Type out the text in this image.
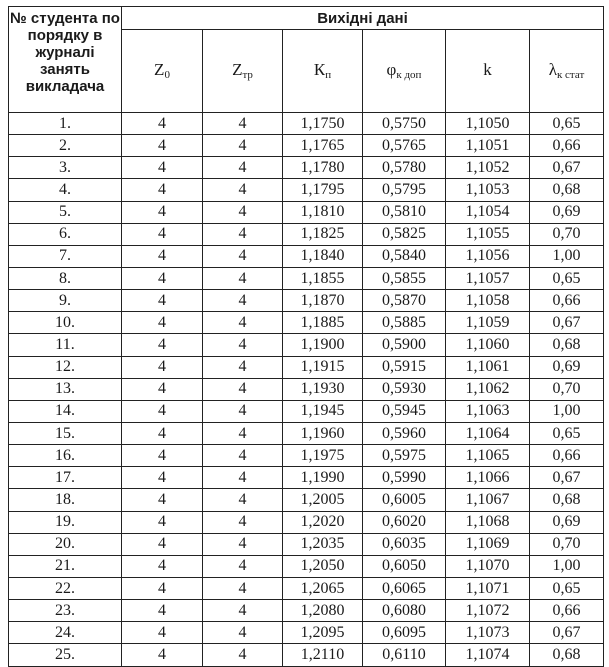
№ студента по порядку в журналі занять викладача	Вихідні дані					
	$Z_0$	$Z_{тр}$	$К_п$	$\varphi_{к доп}$	k	$\lambda_{к стат}$
1.	4	4	1,1750	0,5750	1,1050	0,65
2.	4	4	1,1765	0,5765	1,1051	0,66
3.	4	4	1,1780	0,5780	1,1052	0,67
4.	4	4	1,1795	0,5795	1,1053	0,68
5.	4	4	1,1810	0,5810	1,1054	0,69
6.	4	4	1,1825	0,5825	1,1055	0,70
7.	4	4	1,1840	0,5840	1,1056	1,00
8.	4	4	1,1855	0,5855	1,1057	0,65
9.	4	4	1,1870	0,5870	1,1058	0,66
10.	4	4	1,1885	0,5885	1,1059	0,67
11.	4	4	1,1900	0,5900	1,1060	0,68
12.	4	4	1,1915	0,5915	1,1061	0,69
13.	4	4	1,1930	0,5930	1,1062	0,70
14.	4	4	1,1945	0,5945	1,1063	1,00
15.	4	4	1,1960	0,5960	1,1064	0,65
16.	4	4	1,1975	0,5975	1,1065	0,66
17.	4	4	1,1990	0,5990	1,1066	0,67
18.	4	4	1,2005	0,6005	1,1067	0,68
19.	4	4	1,2020	0,6020	1,1068	0,69
20.	4	4	1,2035	0,6035	1,1069	0,70
21.	4	4	1,2050	0,6050	1,1070	1,00
22.	4	4	1,2065	0,6065	1,1071	0,65
23.	4	4	1,2080	0,6080	1,1072	0,66
24.	4	4	1,2095	0,6095	1,1073	0,67
25.	4	4	1,2110	0,6110	1,1074	0,68
